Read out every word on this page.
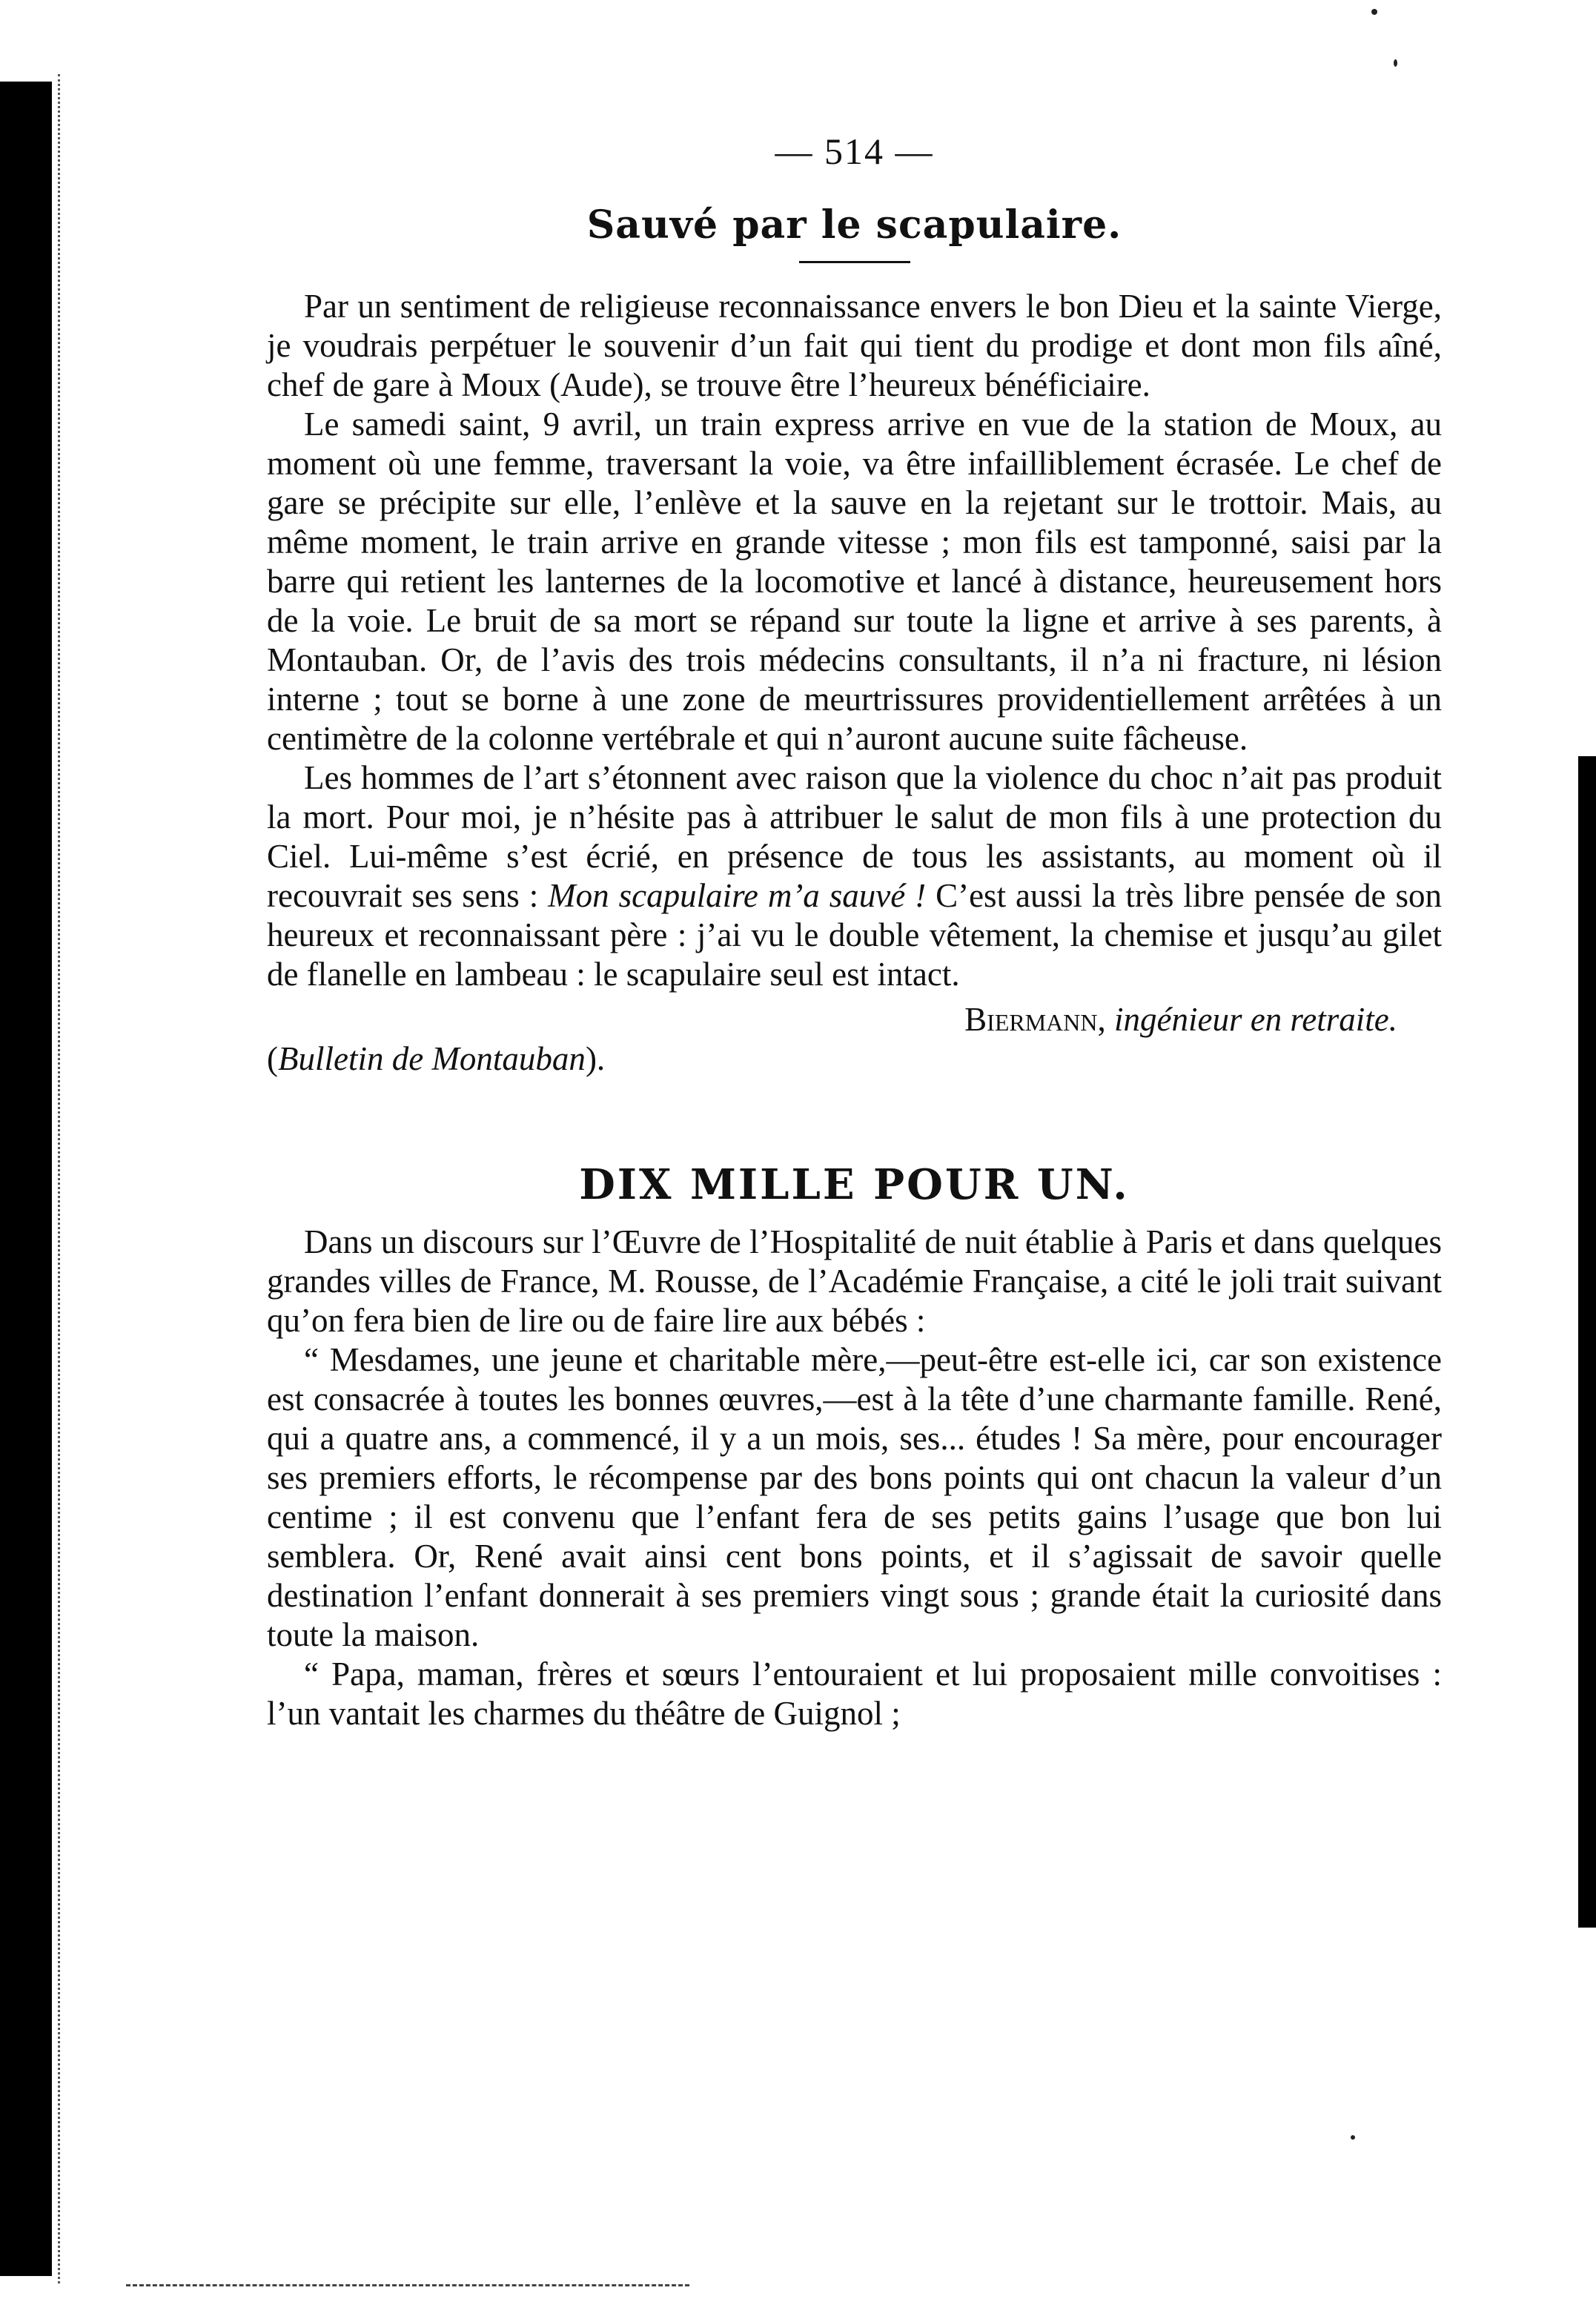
— 514 —
Sauvé par le scapulaire.

Par un sentiment de religieuse reconnaissance envers le bon Dieu et la sainte Vierge, je voudrais perpétuer le souvenir d’un fait qui tient du prodige et dont mon fils aîné, chef de gare à Moux (Aude), se trouve être l’heureux bénéficiaire.

Le samedi saint, 9 avril, un train express arrive en vue de la station de Moux, au moment où une femme, traversant la voie, va être infailliblement écrasée. Le chef de gare se précipite sur elle, l’enlève et la sauve en la rejetant sur le trottoir. Mais, au même moment, le train arrive en grande vitesse ; mon fils est tamponné, saisi par la barre qui retient les lanternes de la locomotive et lancé à distance, heureusement hors de la voie. Le bruit de sa mort se répand sur toute la ligne et arrive à ses parents, à Montauban. Or, de l’avis des trois médecins consultants, il n’a ni fracture, ni lésion interne ; tout se borne à une zone de meurtrissures providentiellement arrêtées à un centimètre de la colonne vertébrale et qui n’auront aucune suite fâcheuse.

Les hommes de l’art s’étonnent avec raison que la violence du choc n’ait pas produit la mort. Pour moi, je n’hésite pas à attribuer le salut de mon fils à une protection du Ciel. Lui-même s’est écrié, en présence de tous les assistants, au moment où il recouvrait ses sens : Mon scapulaire m’a sauvé ! C’est aussi la très libre pensée de son heureux et reconnaissant père : j’ai vu le double vêtement, la chemise et jusqu’au gilet de flanelle en lambeau : le scapulaire seul est intact.

Biermann, ingénieur en retraite.
(Bulletin de Montauban).
DIX MILLE POUR UN.

Dans un discours sur l’Œuvre de l’Hospitalité de nuit établie à Paris et dans quelques grandes villes de France, M. Rousse, de l’Académie Française, a cité le joli trait suivant qu’on fera bien de lire ou de faire lire aux bébés :

“ Mesdames, une jeune et charitable mère,—peut-être est-elle ici, car son existence est consacrée à toutes les bonnes œuvres,—est à la tête d’une charmante famille. René, qui a quatre ans, a commencé, il y a un mois, ses... études ! Sa mère, pour encourager ses premiers efforts, le récompense par des bons points qui ont chacun la valeur d’un centime ; il est convenu que l’enfant fera de ses petits gains l’usage que bon lui semblera. Or, René avait ainsi cent bons points, et il s’agissait de savoir quelle destination l’enfant donnerait à ses premiers vingt sous ; grande était la curiosité dans toute la maison.

“ Papa, maman, frères et sœurs l’entouraient et lui proposaient mille convoitises : l’un vantait les charmes du théâtre de Guignol ;
